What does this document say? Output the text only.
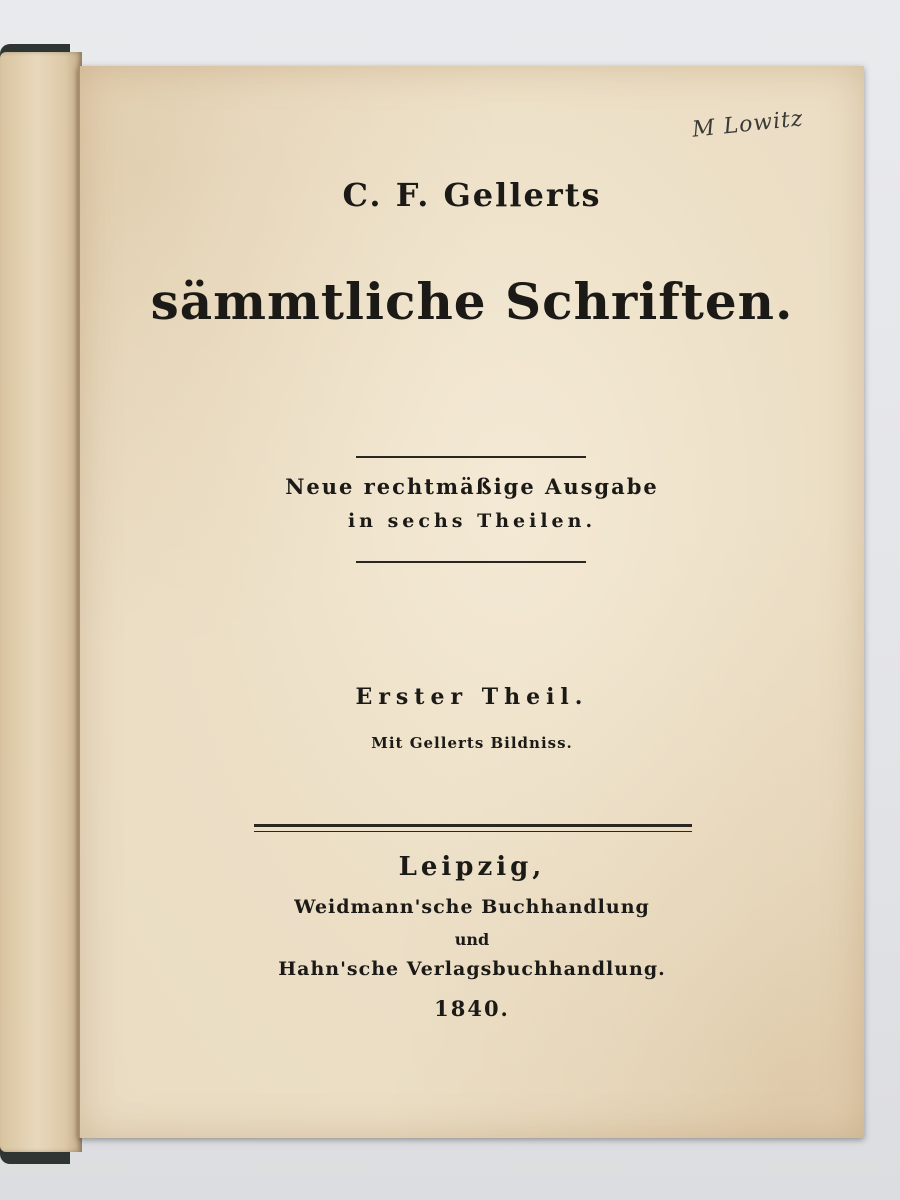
M Lowitz
C. F. Gellerts
sämmtliche Schriften.
Neue rechtmäßige Ausgabe
in sechs Theilen.
Erster Theil.
Mit Gellerts Bildniss.
Leipzig,
Weidmann'sche Buchhandlung
und
Hahn'sche Verlagsbuchhandlung.
1840.
